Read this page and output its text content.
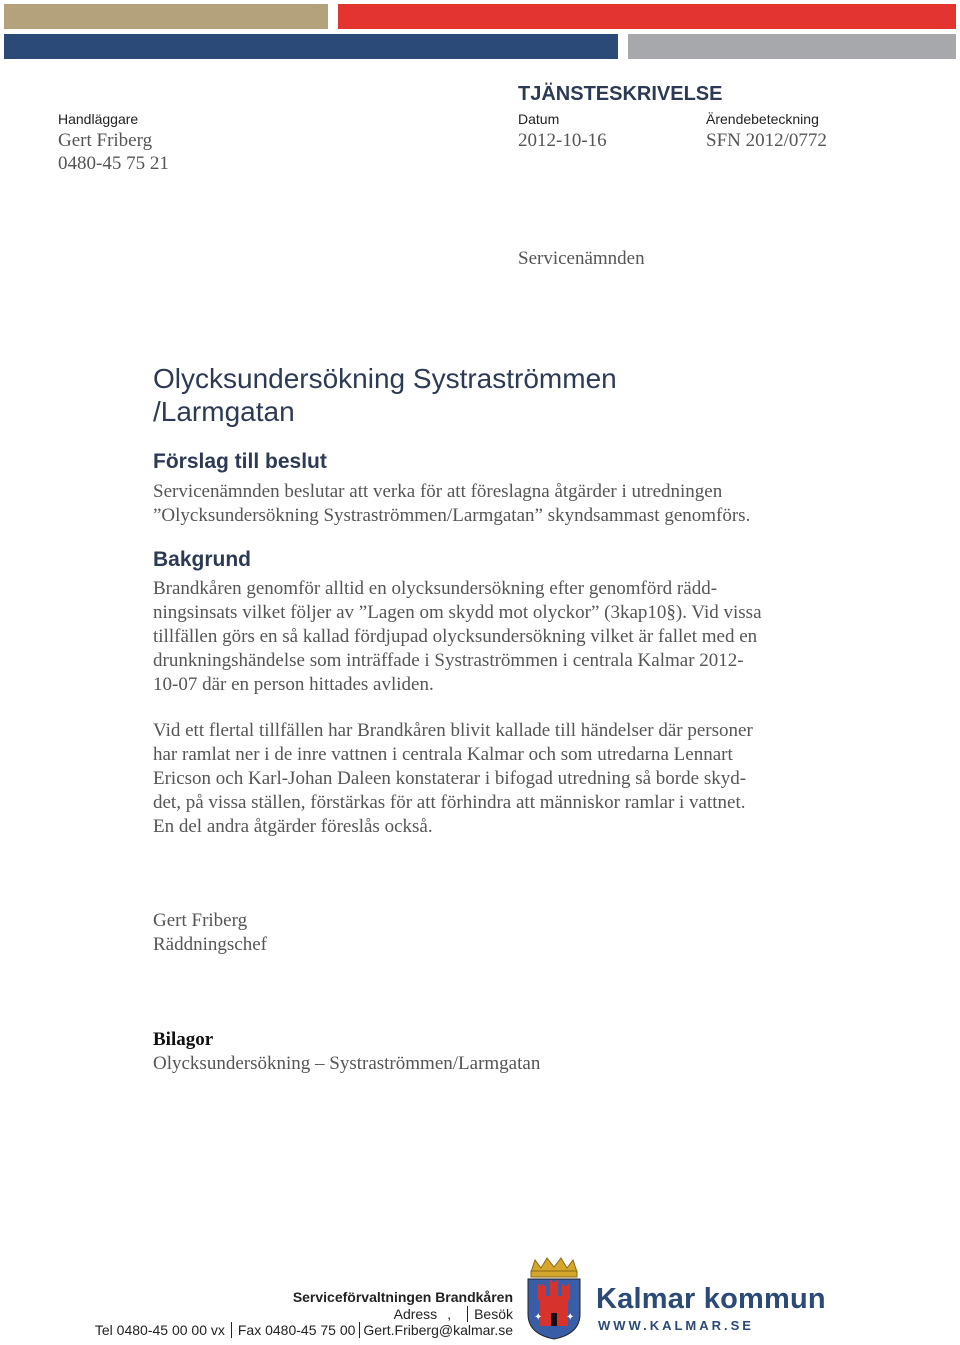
TJÄNSTESKRIVELSE
Handläggare
Gert Friberg
0480-45 75 21
Datum
2012-10-16
Ärendebeteckning
SFN 2012/0772
Servicenämnden
Olycksundersökning Systraströmmen
/Larmgatan
Förslag till beslut
Servicenämnden beslutar att verka för att föreslagna åtgärder i utredningen
”Olycksundersökning Systraströmmen/Larmgatan” skyndsammast genomförs.
Bakgrund
Brandkåren genomför alltid en olycksundersökning efter genomförd rädd-
ningsinsats vilket följer av ”Lagen om skydd mot olyckor” (3kap10§). Vid vissa
tillfällen görs en så kallad fördjupad olycksundersökning vilket är fallet med en
drunkningshändelse som inträffade i Systraströmmen i centrala Kalmar 2012-
10-07 där en person hittades avliden.
Vid ett flertal tillfällen har Brandkåren blivit kallade till händelser där personer
har ramlat ner i de inre vattnen i centrala Kalmar och som utredarna Lennart
Ericson och Karl-Johan Daleen konstaterar i bifogad utredning så borde skyd-
det, på vissa ställen, förstärkas för att förhindra att människor ramlar i vattnet.
En del andra åtgärder föreslås också.
Gert Friberg
Räddningschef
Bilagor
Olycksundersökning – Systraströmmen/Larmgatan
Serviceförvaltningen Brandkåren
Adress , Besök
Tel 0480-45 00 00 vx Fax 0480-45 75 00 Gert.Friberg@kalmar.se
✦ ✦
Kalmar kommun
WWW.KALMAR.SE
